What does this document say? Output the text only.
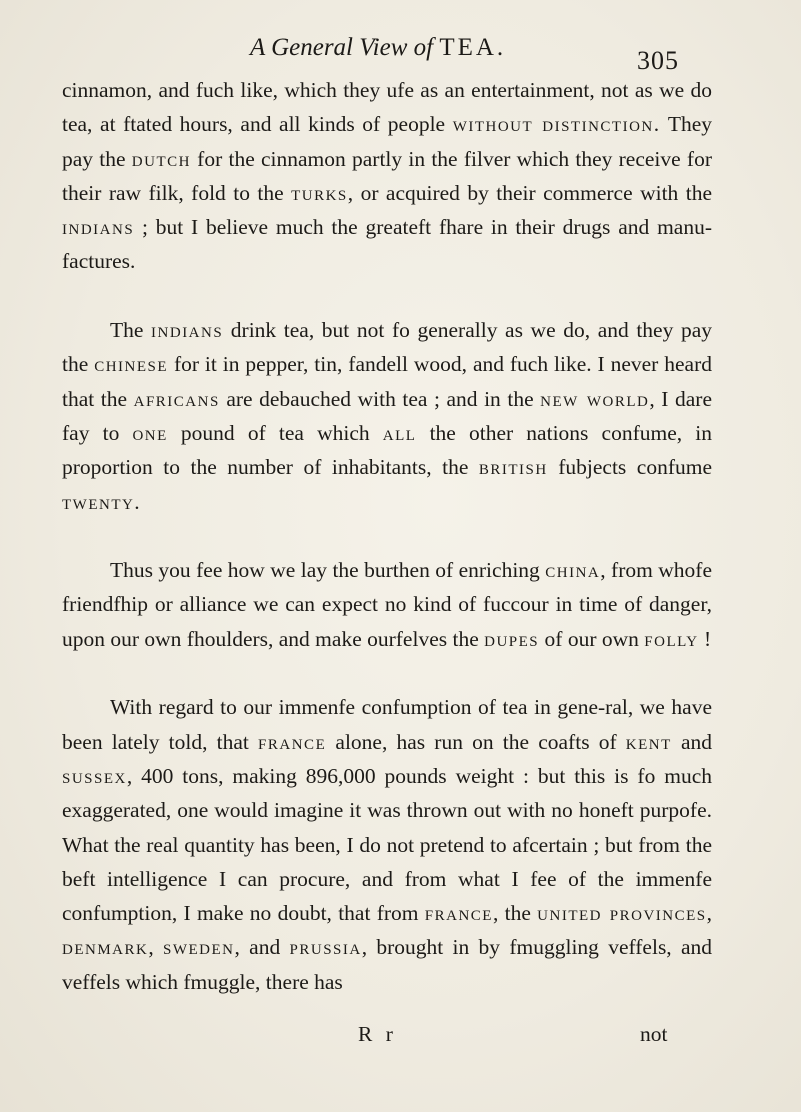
A General View of TEA.	305

cinnamon, and fuch like, which they ufe as an entertainment, not as we do tea, at ftated hours, and all kinds of people without distinction. They pay the dutch for the cinnamon partly in the filver which they receive for their raw filk, fold to the turks, or acquired by their commerce with the indians ; but I believe much the greateft fhare in their drugs and manu-factures.

The indians drink tea, but not fo generally as we do, and they pay the chinese for it in pepper, tin, fandell wood, and fuch like. I never heard that the africans are debauched with tea ; and in the new world, I dare fay to one pound of tea which all the other nations confume, in proportion to the number of inhabitants, the british fubjects confume twenty.

Thus you fee how we lay the burthen of enriching china, from whofe friendfhip or alliance we can expect no kind of fuccour in time of danger, upon our own fhoulders, and make ourfelves the dupes of our own folly !

With regard to our immenfe confumption of tea in gene-ral, we have been lately told, that france alone, has run on the coafts of kent and sussex, 400 tons, making 896,000 pounds weight : but this is fo much exaggerated, one would imagine it was thrown out with no honeft purpofe. What the real quantity has been, I do not pretend to afcertain ; but from the beft intelligence I can procure, and from what I fee of the immenfe confumption, I make no doubt, that from france, the united provinces, denmark, sweden, and prussia, brought in by fmuggling veffels, and veffels which fmuggle, there has

R r	not
